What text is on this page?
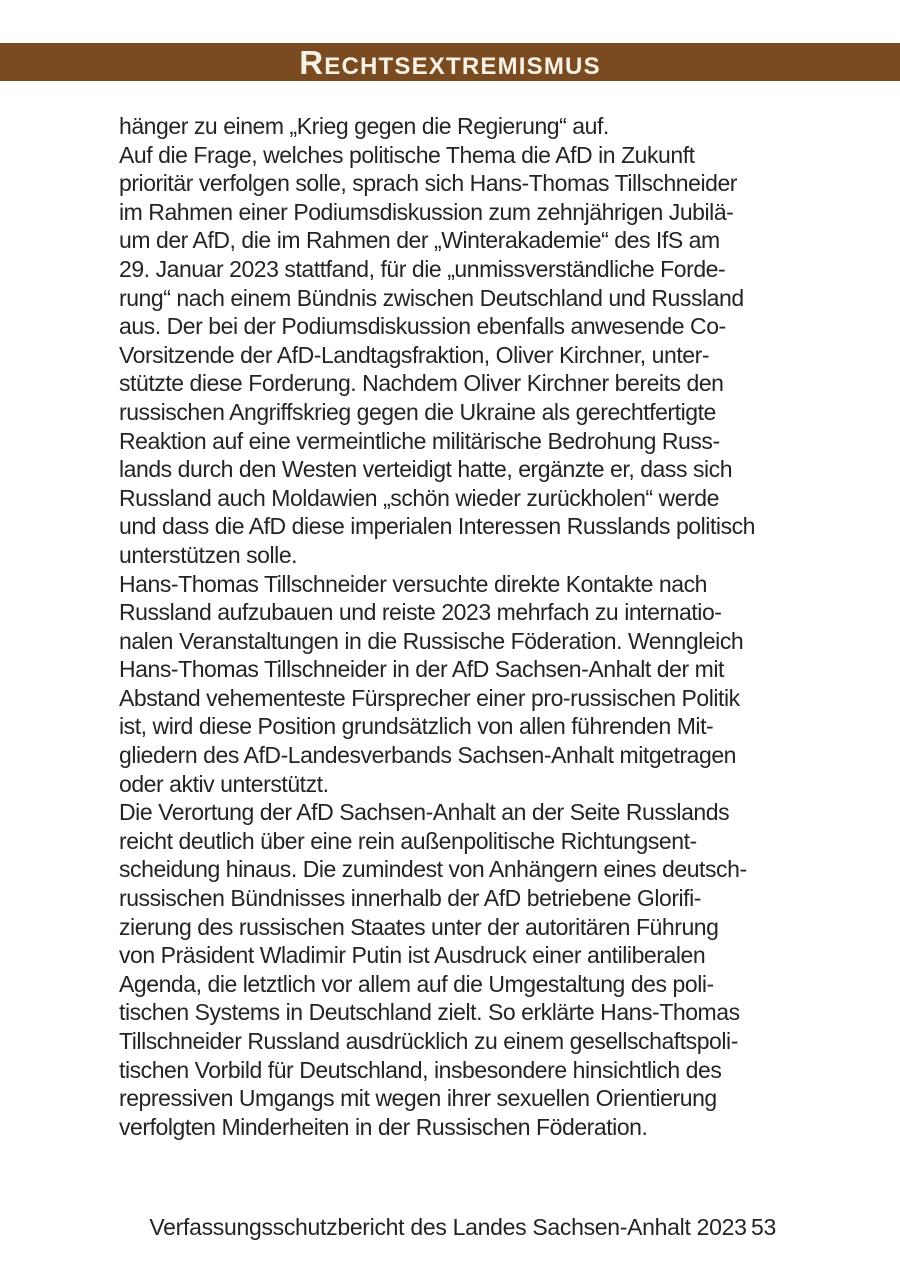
RECHTSEXTREMISMUS
hänger zu einem „Krieg gegen die Regierung“ auf.
Auf die Frage, welches politische Thema die AfD in Zukunft
prioritär verfolgen solle, sprach sich Hans-Thomas Tillschneider
im Rahmen einer Podiumsdiskussion zum zehnjährigen Jubilä-
um der AfD, die im Rahmen der „Winterakademie“ des IfS am
29. Januar 2023 stattfand, für die „unmissverständliche Forde-
rung“ nach einem Bündnis zwischen Deutschland und Russland
aus. Der bei der Podiumsdiskussion ebenfalls anwesende Co-
Vorsitzende der AfD-Landtagsfraktion, Oliver Kirchner, unter-
stützte diese Forderung. Nachdem Oliver Kirchner bereits den
russischen Angriffskrieg gegen die Ukraine als gerechtfertigte
Reaktion auf eine vermeintliche militärische Bedrohung Russ-
lands durch den Westen verteidigt hatte, ergänzte er, dass sich
Russland auch Moldawien „schön wieder zurückholen“ werde
und dass die AfD diese imperialen Interessen Russlands politisch
unterstützen solle.
Hans-Thomas Tillschneider versuchte direkte Kontakte nach
Russland aufzubauen und reiste 2023 mehrfach zu internatio-
nalen Veranstaltungen in die Russische Föderation. Wenngleich
Hans-Thomas Tillschneider in der AfD Sachsen-Anhalt der mit
Abstand vehementeste Fürsprecher einer pro-russischen Politik
ist, wird diese Position grundsätzlich von allen führenden Mit-
gliedern des AfD-Landesverbands Sachsen-Anhalt mitgetragen
oder aktiv unterstützt.
Die Verortung der AfD Sachsen-Anhalt an der Seite Russlands
reicht deutlich über eine rein außenpolitische Richtungsent-
scheidung hinaus. Die zumindest von Anhängern eines deutsch-
russischen Bündnisses innerhalb der AfD betriebene Glorifi-
zierung des russischen Staates unter der autoritären Führung
von Präsident Wladimir Putin ist Ausdruck einer antiliberalen
Agenda, die letztlich vor allem auf die Umgestaltung des poli-
tischen Systems in Deutschland zielt. So erklärte Hans-Thomas
Tillschneider Russland ausdrücklich zu einem gesellschaftspoli-
tischen Vorbild für Deutschland, insbesondere hinsichtlich des
repressiven Umgangs mit wegen ihrer sexuellen Orientierung
verfolgten Minderheiten in der Russischen Föderation.
Verfassungsschutzbericht des Landes Sachsen-Anhalt 2023 53
